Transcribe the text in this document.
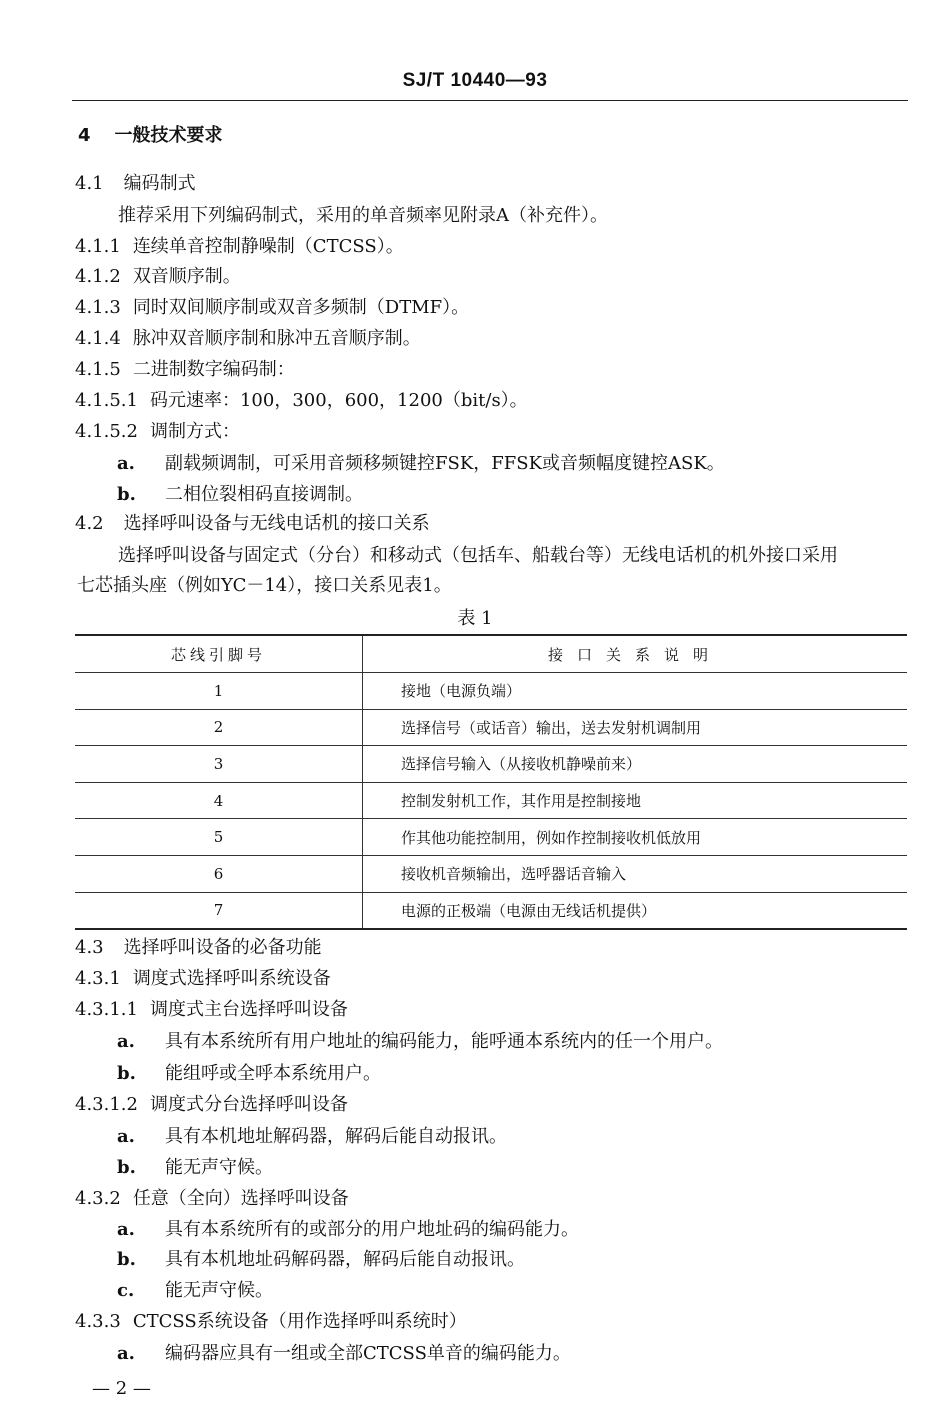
SJ/T 10440—93
4 一般技术要求
4.1 编码制式
推荐采用下列编码制式，采用的单音频率见附录A（补充件）。
4.1.1 连续单音控制静噪制（CTCSS）。
4.1.2 双音顺序制。
4.1.3 同时双间顺序制或双音多频制（DTMF）。
4.1.4 脉冲双音顺序制和脉冲五音顺序制。
4.1.5 二进制数字编码制：
4.1.5.1 码元速率：100，300，600，1200（bit/s）。
4.1.5.2 调制方式：
a. 副载频调制，可采用音频移频键控FSK，FFSK或音频幅度键控ASK。
b. 二相位裂相码直接调制。
4.2 选择呼叫设备与无线电话机的接口关系
选择呼叫设备与固定式（分台）和移动式（包括车、船载台等）无线电话机的机外接口采用
七芯插头座（例如YC－14），接口关系见表1。
表 1
芯线引脚号	接口关系说明
1	接地（电源负端）
2	选择信号（或话音）输出，送去发射机调制用
3	选择信号输入（从接收机静噪前来）
4	控制发射机工作，其作用是控制接地
5	作其他功能控制用，例如作控制接收机低放用
6	接收机音频输出，选呼器话音输入
7	电源的正极端（电源由无线话机提供）
4.3 选择呼叫设备的必备功能
4.3.1 调度式选择呼叫系统设备
4.3.1.1 调度式主台选择呼叫设备
a. 具有本系统所有用户地址的编码能力，能呼通本系统内的任一个用户。
b. 能组呼或全呼本系统用户。
4.3.1.2 调度式分台选择呼叫设备
a. 具有本机地址解码器，解码后能自动报讯。
b. 能无声守候。
4.3.2 任意（全向）选择呼叫设备
a. 具有本系统所有的或部分的用户地址码的编码能力。
b. 具有本机地址码解码器，解码后能自动报讯。
c. 能无声守候。
4.3.3 CTCSS系统设备（用作选择呼叫系统时）
a. 编码器应具有一组或全部CTCSS单音的编码能力。
— 2 —
